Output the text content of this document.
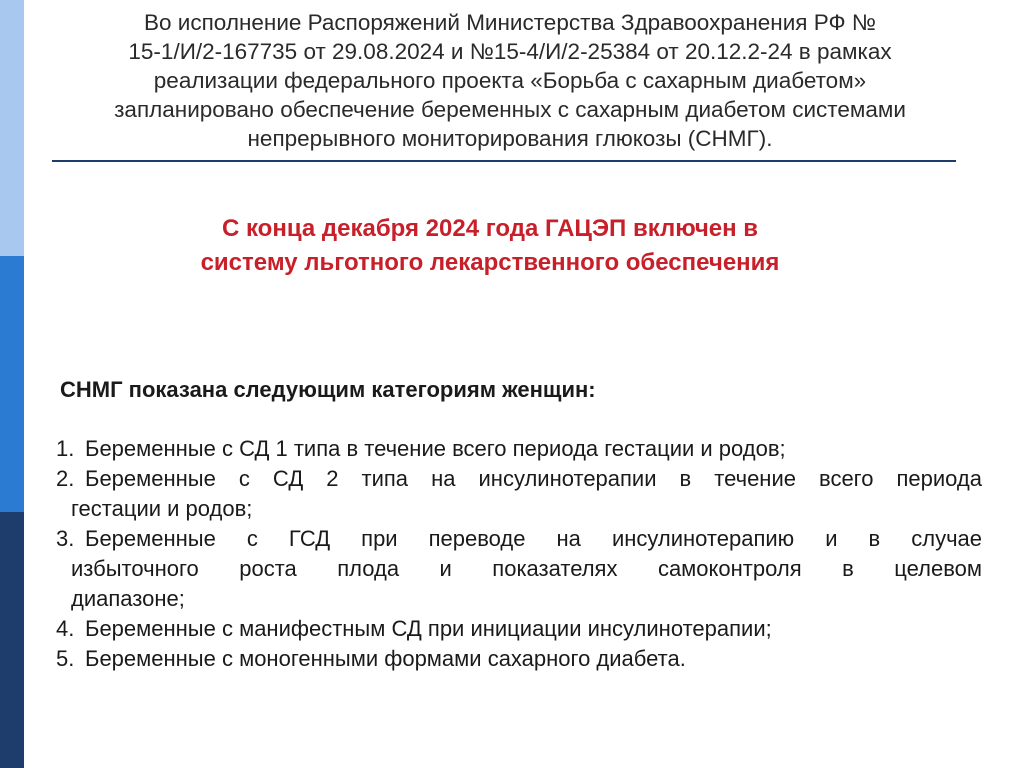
Во исполнение Распоряжений Министерства Здравоохранения РФ №
15-1/И/2-167735 от 29.08.2024 и №15-4/И/2-25384 от 20.12.2-24 в рамках
реализации федерального проекта «Борьба с сахарным диабетом»
запланировано обеспечение беременных с сахарным диабетом системами
непрерывного мониторирования глюкозы (СНМГ).
С конца декабря 2024 года ГАЦЭП включен в
систему льготного лекарственного обеспечения
СНМГ показана следующим категориям женщин:
1. Беременные с СД 1 типа в течение всего периода гестации и родов;
2. Беременные с СД 2 типа на инсулинотерапии в течение всего периода
гестации и родов;
3. Беременные с ГСД при переводе на инсулинотерапию и в случае
избыточного роста плода и показателях самоконтроля в целевом
диапазоне;
4. Беременные с манифестным СД при инициации инсулинотерапии;
5. Беременные с моногенными формами сахарного диабета.
